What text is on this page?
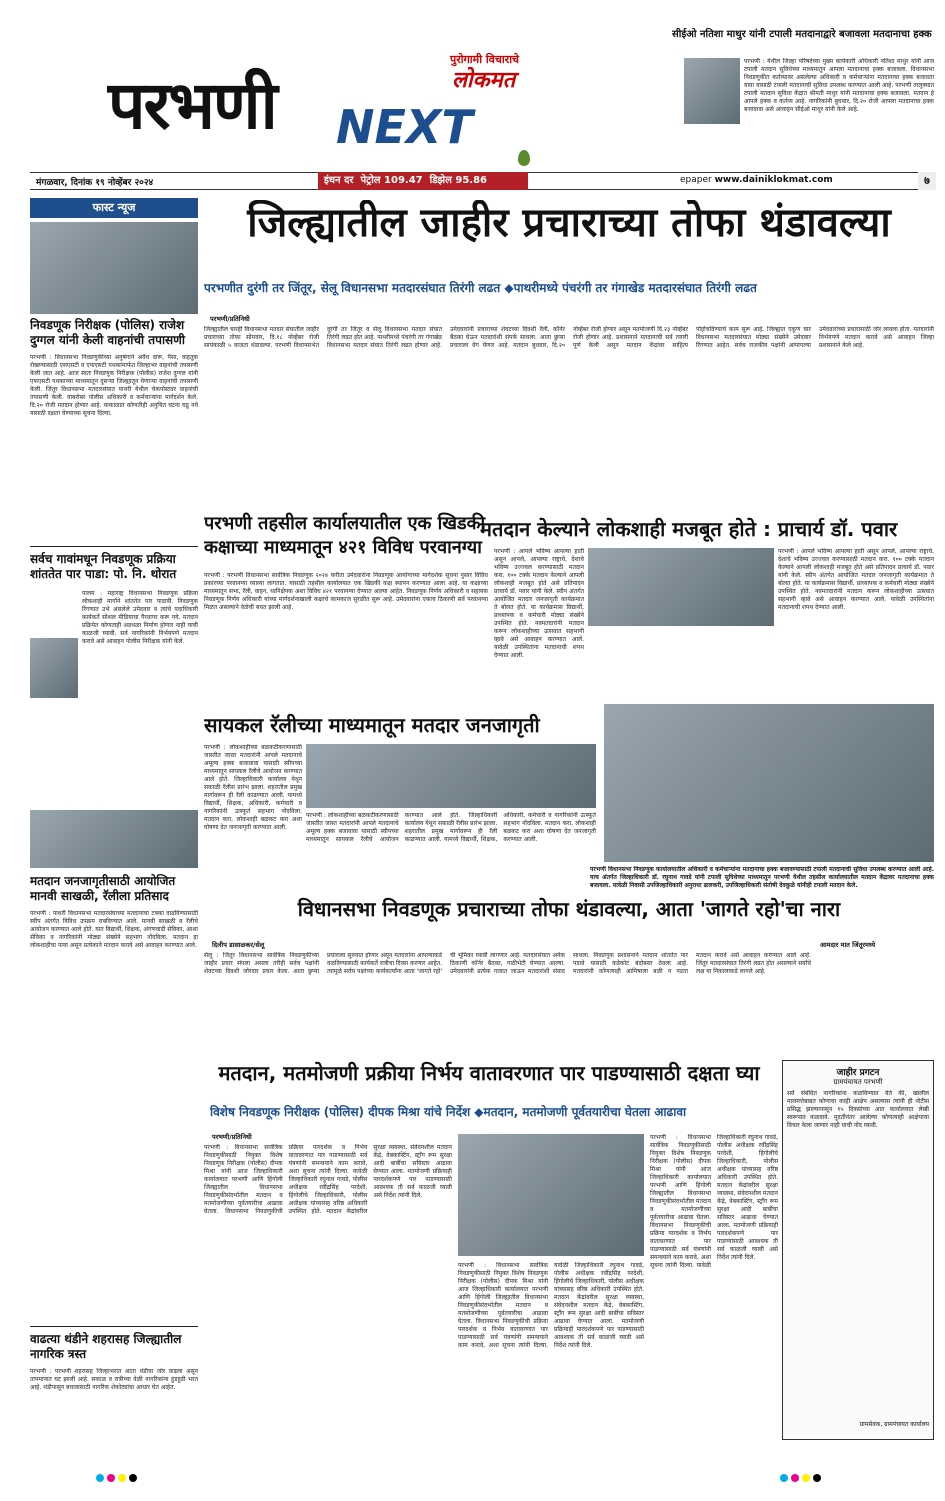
पुरोगामी विचाराचे
लोकमत
परभणी NEXT
सीईओ नतिशा माथुर यांनी टपाली मतदानाद्वारे बजावला मतदानाचा हक्क
परभणी : येथील जिल्हा परिषदेच्या मुख्य कार्यकारी अधिकारी नतिशा माथुर यांनी आज टपाली मतदान सुविधेच्या माध्यमातून आपला मतदानाचा हक्क बजावला. विधानसभा निवडणुकीत कर्तव्यावर असलेल्या अधिकारी व कर्मचाऱ्यांना मतदानाचा हक्क बजावता यावा यासाठी टपाली मतदानाची सुविधा उपलब्ध करण्यात आली आहे. परभणी तालुक्यात टपाली मतदान सुविधा केंद्रात श्रीमती माथुर यांनी मतदानाचा हक्क बजावला. मतदान हे आपले हक्क व कर्तव्य आहे. नागरिकांनी बुधवार, दि.२० रोजी आपला मतदानाचा हक्क बजावावा असे आवाहन सीईओ माथुर यांनी केले आहे.
मंगळवार, दिनांक १९ नोव्हेंबर २०२४	इंधन दर पेट्रोल 109.47 डिझेल 95.86	epaper www.dainiklokmat.com	७
फास्ट न्यूज
निवडणूक निरीक्षक (पोलिस) राजेश दुग्गल यांनी केली वाहनांची तपासणी
परभणी : विधानसभा निवडणुकीच्या अनुषंगाने अवैध दारू, पैसा, वाहतूक रोखण्यासाठी एसएसटी व एफएसटी पथकांमार्फत जिल्हाभर वाहनांची तपासणी केली जात आहे. आज स्वतः निवडणूक निरीक्षक (पोलीस) राजेश दुग्गल यांनी एफएसटी पथकाच्या माध्यमातून दुसऱ्या जिल्ह्यातून येणाऱ्या वाहनांची तपासणी केली. जिंतूर विधानसभा मतदारसंघात पाथरी येथील चेकपोस्टवर वाहनांची तपासणी केली. याबरोबर पोलीस अधिकारी व कर्मचाऱ्यांना मार्गदर्शन केले. दि.२० रोजी मतदान होणार आहे. याकाळात कोणतीही अनुचित घटना घडू नये यासाठी दक्षता घेण्याच्या सूचना दिल्या.
सर्वच गावांमधून निवडणूक प्रक्रिया शांततेत पार पाडा: पो. नि. थोरात
पालम : महाराष्ट्र विधानसभा निवडणूक प्रक्रिया लोकशाही मार्गाने शांततेत पार पाडावी. निवडणूक रिंगणात उभे असलेले उमेदवार व त्यांचे पदाधिकारी कार्यकर्ते सोशल मीडियाचा गैरवापर करू नये. मतदान प्रक्रियेत कोणताही अडथळा निर्माण होणार नाही याची काळजी घ्यावी. सर्व नागरिकांनी निर्भयपणे मतदान करावे असे आवाहन पोलीस निरीक्षक यांनी केले.
मतदान जनजागृतीसाठी आयोजित मानवी साखळी, रॅलीला प्रतिसाद
परभणी : पाथरी विधानसभा मतदारसंघाच्या मतदानाचा टक्का वाढविण्यासाठी स्वीप अंतर्गत विविध उपक्रम राबविण्यात आले. मानवी साखळी व रॅलीचे आयोजन करण्यात आले होते. यात विद्यार्थी, शिक्षक, अंगणवाडी सेविका, आशा सेविका व नागरिकांनी मोठ्या संख्येने सहभाग नोंदविला. मतदान हा लोकशाहीचा पाया असून प्रत्येकाने मतदान करावे असे आवाहन करण्यात आले.
वाढत्या थंडीने शहरासह जिल्ह्यातील नागरिक त्रस्त
परभणी : परभणी शहरासह जिल्हाभरात आता थंडीचा जोर वाढला असून तापमानात घट झाली आहे. सकाळ व रात्रीच्या वेळी नागरिकांना हुडहुडी भरत आहे. थंडीपासून बचावासाठी नागरिक शेकोट्यांचा आधार घेत आहेत.
जिल्ह्यातील जाहीर प्रचाराच्या तोफा थंडावल्या
परभणीत दुरंगी तर जिंतूर, सेलू विधानसभा मतदारसंघात तिरंगी लढत ◆पाथरीमध्ये पंचरंगी तर गंगाखेड मतदारसंघात तिरंगी लढत
परभणी/प्रतिनिधी
जिल्ह्यातील चारही विधानसभा मतदार संघातील जाहीर प्रचाराच्या तोफा सोमवार, दि.१८ नोव्हेंबर रोजी सायंकाळी ५ वाजता थंडावल्या. परभणी विधानसभेत दुरंगी तर जिंतूर व सेलू विधानसभा मतदार संघात तिरंगी लढत होत आहे. पाथरीमध्ये पंचरंगी तर गंगाखेड विधानसभा मतदार संघात तिरंगी लढत होणार आहे. उमेदवारांनी प्रचाराच्या शेवटच्या दिवशी रॅली, कॉर्नर बैठका घेऊन मतदारांशी संपर्क साधला. आता छुप्या प्रचाराला वेग येणार आहे. मतदान बुधवार, दि.२० नोव्हेंबर रोजी होणार असून मतमोजणी दि.२३ नोव्हेंबर रोजी होणार आहे. प्रशासनाने मतदानाची सर्व तयारी पूर्ण केली असून मतदान केंद्रांवर साहित्य पोहोचविण्याचे काम सुरू आहे. जिल्ह्यात एकूण चार विधानसभा मतदारसंघात मोठ्या संख्येने उमेदवार रिंगणात आहेत. सर्वच राजकीय पक्षांनी आपापल्या उमेदवारांच्या प्रचारासाठी जोर लावला होता. मतदारांनी निर्भयपणे मतदान करावे असे आवाहन जिल्हा प्रशासनाने केले आहे.
परभणी तहसील कार्यालयातील एक खिडकी कक्षाच्या माध्यमातून ४२१ विविध परवानग्या
परभणी : परभणी विधानसभा सार्वत्रिक निवडणूक २०२४ करीता उमेदवारांना निवडणूक आयोगाच्या मार्गदर्शक सूचना नुसार विविध प्रकारच्या परवानग्या घ्याव्या लागतात. यासाठी तहसील कार्यालयात एक खिडकी कक्ष स्थापन करण्यात आला आहे. या कक्षाच्या माध्यमातून सभा, रॅली, वाहन, ध्वनिक्षेपक अशा विविध ४२१ परवानग्या देण्यात आल्या आहेत. निवडणूक निर्णय अधिकारी व सहायक निवडणूक निर्णय अधिकारी यांच्या मार्गदर्शनाखाली कक्षाचे कामकाज सुरळीत सुरू आहे. उमेदवारांना एकाच ठिकाणी सर्व परवानग्या मिळत असल्याने वेळेची बचत झाली आहे.
मतदान केल्याने लोकशाही मजबूत होते : प्राचार्य डॉ. पवार
परभणी : आपले भविष्य आपल्या हाती असून आपले, आपल्या राष्ट्राचे, देशाचे भविष्य उज्ज्वल करण्यासाठी मतदान करा. १०० टक्के मतदान केल्याने आपली लोकशाही मजबूत होते असे प्रतिपादन प्राचार्य डॉ. पवार यांनी केले. स्वीप अंतर्गत आयोजित मतदार जनजागृती कार्यक्रमात ते बोलत होते. या कार्यक्रमास विद्यार्थी, प्राध्यापक व कर्मचारी मोठ्या संख्येने उपस्थित होते. नवमतदारांनी मतदान करून लोकशाहीच्या उत्सवात सहभागी व्हावे असे आवाहन करण्यात आले. यावेळी उपस्थितांना मतदानाची शपथ देण्यात आली.
परभणी : आपले भविष्य आपल्या हाती असून आपले, आपल्या राष्ट्राचे, देशाचे भविष्य उज्ज्वल करण्यासाठी मतदान करा. १०० टक्के मतदान केल्याने आपली लोकशाही मजबूत होते असे प्रतिपादन प्राचार्य डॉ. पवार यांनी केले. स्वीप अंतर्गत आयोजित मतदार जनजागृती कार्यक्रमात ते बोलत होते. या कार्यक्रमास विद्यार्थी, प्राध्यापक व कर्मचारी मोठ्या संख्येने उपस्थित होते. नवमतदारांनी मतदान करून लोकशाहीच्या उत्सवात सहभागी व्हावे असे आवाहन करण्यात आले. यावेळी उपस्थितांना मतदानाची शपथ देण्यात आली.
सायकल रॅलीच्या माध्यमातून मतदार जनजागृती
परभणी : लोकशाहीच्या बळकटीकरणासाठी जास्तीत जास्त मतदारांनी आपले मतदानाचे अमूल्य हक्क बजावावा यासाठी स्वीपच्या माध्यमातून सायकल रॅलीचे आयोजन करण्यात आले होते. जिल्हाधिकारी कार्यालय येथून सकाळी रॅलीस प्रारंभ झाला. शहरातील प्रमुख मार्गावरून ही रॅली काढण्यात आली. यामध्ये विद्यार्थी, शिक्षक, अधिकारी, कर्मचारी व नागरिकांनी उत्स्फूर्त सहभाग नोंदविला. मतदान करा, लोकशाही बळकट करा अशा घोषणा देत जनजागृती करण्यात आली.
परभणी : लोकशाहीच्या बळकटीकरणासाठी जास्तीत जास्त मतदारांनी आपले मतदानाचे अमूल्य हक्क बजावावा यासाठी स्वीपच्या माध्यमातून सायकल रॅलीचे आयोजन करण्यात आले होते. जिल्हाधिकारी कार्यालय येथून सकाळी रॅलीस प्रारंभ झाला. शहरातील प्रमुख मार्गावरून ही रॅली काढण्यात आली. यामध्ये विद्यार्थी, शिक्षक, अधिकारी, कर्मचारी व नागरिकांनी उत्स्फूर्त सहभाग नोंदविला. मतदान करा, लोकशाही बळकट करा अशा घोषणा देत जनजागृती करण्यात आली.
परभणी विधानसभा निवडणूक कार्यालयातील अधिकारी व कर्मचाऱ्यांना मतदानाचा हक्क बजावण्यासाठी टपाली मतदानाची सुविधा उपलब्ध करण्यात आली आहे. याच अंतर्गत जिल्हाधिकारी डॉ. रघुनाथ गावडे यांनी टपाली सुविधेच्या माध्यमातून परभणी येथील तहसील कार्यालयातील मतदान केंद्रावर मतदानाचा हक्क बजावला. यावेळी निवासी उपजिल्हाधिकारी अनुराधा ढालकरी, उपजिल्हाधिकारी संतोषी देवकुळे यांनीही टपाली मतदान केले.
विधानसभा निवडणूक प्रचाराच्या तोफा थंडावल्या, आता 'जागते रहो'चा नारा
दिलीप डासाळकर/सेलू	आमदार मात जिंतूरमध्ये
सेलू : जिंतूर विधानसभा सार्वत्रिक निवडणुकीच्या जाहीर प्रचार संपला असला तरीही सर्वच पक्षांनी शेवटच्या दिवशी जोरदार प्रचार केला. आता छुप्या प्रचाराला सुरुवात होणार असून मतदारांना आपल्याकडे वळविण्यासाठी कार्यकर्ते रात्रीचा दिवस करणार आहेत. त्यामुळे सर्वच पक्षांच्या कार्यकर्त्यांना आता 'जागते रहो' ची भूमिका घ्यावी लागणार आहे. मतदारसंघात अनेक ठिकाणी कॉर्नर बैठका, गाठीभेटी घेण्यात आल्या. उमेदवारांनी प्रत्येक गावात जाऊन मतदारांशी संवाद साधला. निवडणूक प्रशासनाने मतदान शांततेत पार पडावे यासाठी कडेकोट बंदोबस्त ठेवला आहे. मतदारांनी कोणत्याही आमिषाला बळी न पडता मतदान करावे असे आवाहन करण्यात आले आहे. जिंतूर मतदारसंघात तिरंगी लढत होत असल्याने सर्वांचे लक्ष या निकालाकडे लागले आहे.
मतदान, मतमोजणी प्रक्रीया निर्भय वातावरणात पार पाडण्यासाठी दक्षता घ्या
विशेष निवडणूक निरीक्षक (पोलिस) दीपक मिश्रा यांचे निर्देश ◆मतदान, मतमोजणी पूर्वतयारीचा घेतला आढावा
परभणी/प्रतिनिधी
परभणी : विधानसभा सार्वत्रिक निवडणुकीसाठी नियुक्त विशेष निवडणूक निरीक्षक (पोलीस) दीपक मिश्रा यांनी आज जिल्हाधिकारी कार्यालयात परभणी आणि हिंगोली जिल्ह्यातील विधानसभा निवडणुकीसंदर्भातील मतदान व मतमोजणीच्या पूर्वतयारीचा आढावा घेतला. विधानसभा निवडणुकीची प्रक्रिया पारदर्शक व निर्भय वातावरणात पार पाडण्यासाठी सर्व यंत्रणांनी समन्वयाने काम करावे, अशा सूचना त्यांनी दिल्या. यावेळी जिल्हाधिकारी रघुनाथ गावडे, पोलीस अधीक्षक रवींद्रसिंह परदेशी, हिंगोलीचे जिल्हाधिकारी, पोलीस अधीक्षक यांच्यासह वरिष्ठ अधिकारी उपस्थित होते. मतदान केंद्रांवरील सुरक्षा व्यवस्था, संवेदनशील मतदान केंद्रे, वेबकास्टिंग, स्ट्राँग रूम सुरक्षा आदी बाबींचा सविस्तर आढावा घेण्यात आला. मतमोजणी प्रक्रियाही पारदर्शकपणे पार पाडण्यासाठी आवश्यक ती सर्व काळजी घ्यावी असे निर्देश त्यांनी दिले.
परभणी : विधानसभा सार्वत्रिक निवडणुकीसाठी नियुक्त विशेष निवडणूक निरीक्षक (पोलीस) दीपक मिश्रा यांनी आज जिल्हाधिकारी कार्यालयात परभणी आणि हिंगोली जिल्ह्यातील विधानसभा निवडणुकीसंदर्भातील मतदान व मतमोजणीच्या पूर्वतयारीचा आढावा घेतला. विधानसभा निवडणुकीची प्रक्रिया पारदर्शक व निर्भय वातावरणात पार पाडण्यासाठी सर्व यंत्रणांनी समन्वयाने काम करावे, अशा सूचना त्यांनी दिल्या. यावेळी जिल्हाधिकारी रघुनाथ गावडे, पोलीस अधीक्षक रवींद्रसिंह परदेशी, हिंगोलीचे जिल्हाधिकारी, पोलीस अधीक्षक यांच्यासह वरिष्ठ अधिकारी उपस्थित होते. मतदान केंद्रांवरील सुरक्षा व्यवस्था, संवेदनशील मतदान केंद्रे, वेबकास्टिंग, स्ट्राँग रूम सुरक्षा आदी बाबींचा सविस्तर आढावा घेण्यात आला. मतमोजणी प्रक्रियाही पारदर्शकपणे पार पाडण्यासाठी आवश्यक ती सर्व काळजी घ्यावी असे निर्देश त्यांनी दिले.
परभणी : विधानसभा सार्वत्रिक निवडणुकीसाठी नियुक्त विशेष निवडणूक निरीक्षक (पोलीस) दीपक मिश्रा यांनी आज जिल्हाधिकारी कार्यालयात परभणी आणि हिंगोली जिल्ह्यातील विधानसभा निवडणुकीसंदर्भातील मतदान व मतमोजणीच्या पूर्वतयारीचा आढावा घेतला. विधानसभा निवडणुकीची प्रक्रिया पारदर्शक व निर्भय वातावरणात पार पाडण्यासाठी सर्व यंत्रणांनी समन्वयाने काम करावे, अशा सूचना त्यांनी दिल्या. यावेळी जिल्हाधिकारी रघुनाथ गावडे, पोलीस अधीक्षक रवींद्रसिंह परदेशी, हिंगोलीचे जिल्हाधिकारी, पोलीस अधीक्षक यांच्यासह वरिष्ठ अधिकारी उपस्थित होते. मतदान केंद्रांवरील सुरक्षा व्यवस्था, संवेदनशील मतदान केंद्रे, वेबकास्टिंग, स्ट्राँग रूम सुरक्षा आदी बाबींचा सविस्तर आढावा घेण्यात आला. मतमोजणी प्रक्रियाही पारदर्शकपणे पार पाडण्यासाठी आवश्यक ती सर्व काळजी घ्यावी असे निर्देश त्यांनी दिले.
जाहीर प्रगटन
ग्रामपंचायत परभणी
सर्व संबंधित नागरिकांना कळविण्यात येते की, खालील मालमत्तेबाबत कोणाचा काही आक्षेप असल्यास त्यांनी ही नोटीस प्रसिद्ध झाल्यापासून १५ दिवसांच्या आत कार्यालयात लेखी स्वरूपात कळवावे. मुदतीनंतर आलेल्या कोणत्याही आक्षेपाचा विचार केला जाणार नाही याची नोंद घ्यावी.
ग्रामसेवक, ग्रामपंचायत कार्यालय
